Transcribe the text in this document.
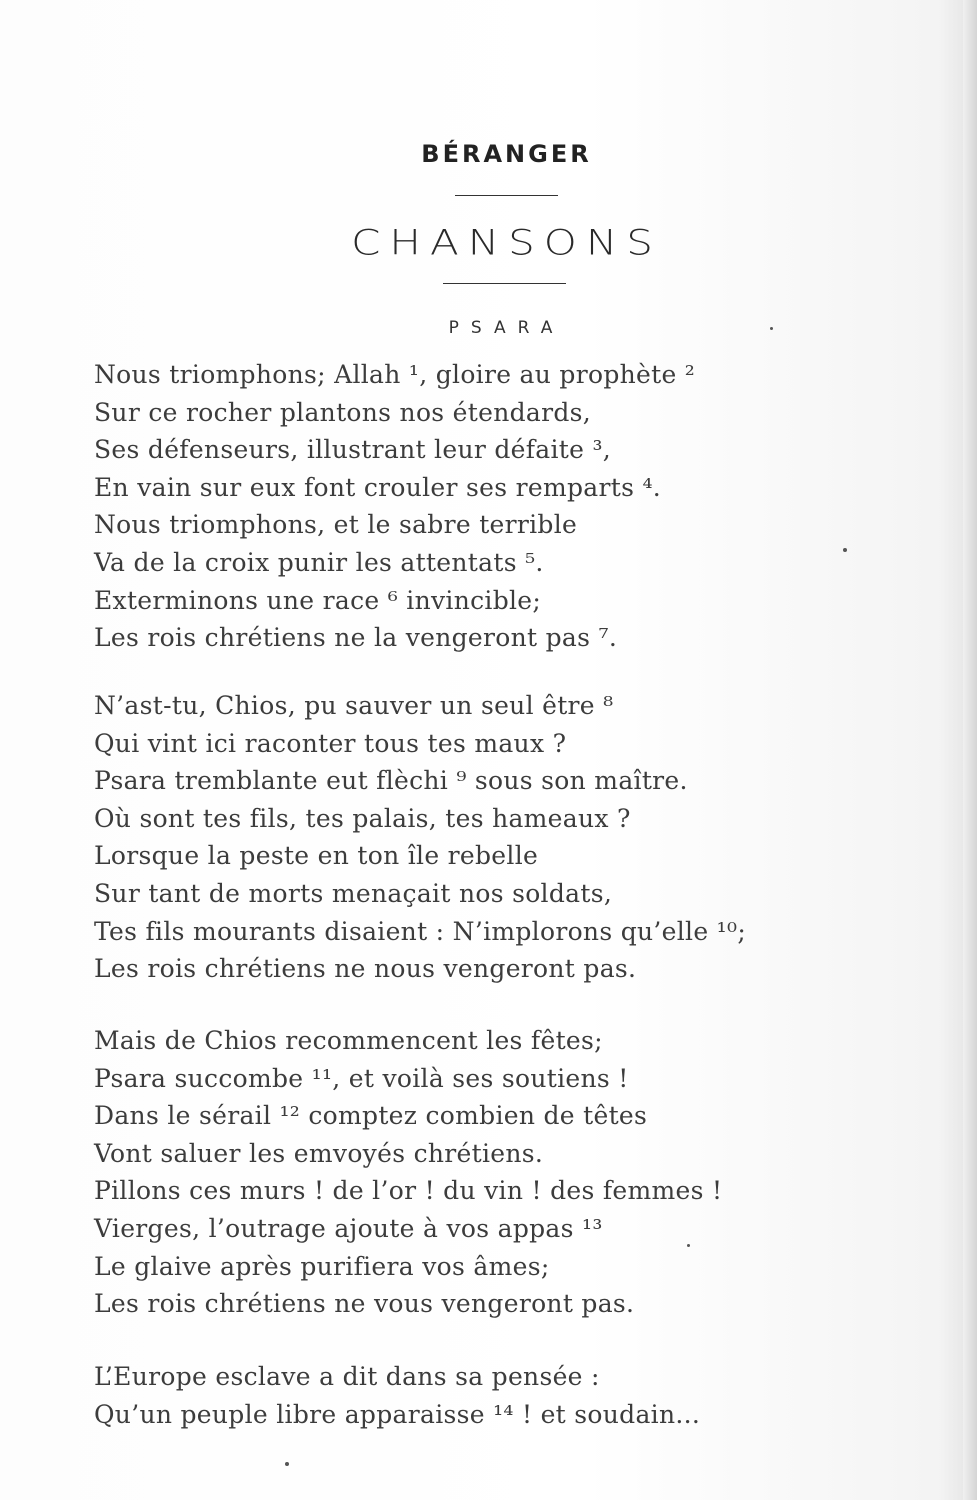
BÉRANGER
CHANSONS
PSARA
Nous triomphons; Allah ¹, gloire au prophète ²
Sur ce rocher plantons nos étendards,
Ses défenseurs, illustrant leur défaite ³,
En vain sur eux font crouler ses remparts ⁴.
Nous triomphons, et le sabre terrible
Va de la croix punir les attentats ⁵.
Exterminons une race ⁶ invincible;
Les rois chrétiens ne la vengeront pas ⁷.
N’ast-tu, Chios, pu sauver un seul être ⁸
Qui vint ici raconter tous tes maux ?
Psara tremblante eut flèchi ⁹ sous son maître.
Où sont tes fils, tes palais, tes hameaux ?
Lorsque la peste en ton île rebelle
Sur tant de morts menaçait nos soldats,
Tes fils mourants disaient : N’implorons qu’elle ¹⁰;
Les rois chrétiens ne nous vengeront pas.
Mais de Chios recommencent les fêtes;
Psara succombe ¹¹, et voilà ses soutiens !
Dans le sérail ¹² comptez combien de têtes
Vont saluer les emvoyés chrétiens.
Pillons ces murs ! de l’or ! du vin ! des femmes !
Vierges, l’outrage ajoute à vos appas ¹³
Le glaive après purifiera vos âmes;
Les rois chrétiens ne vous vengeront pas.
L’Europe esclave a dit dans sa pensée :
Qu’un peuple libre apparaisse ¹⁴ ! et soudain...
